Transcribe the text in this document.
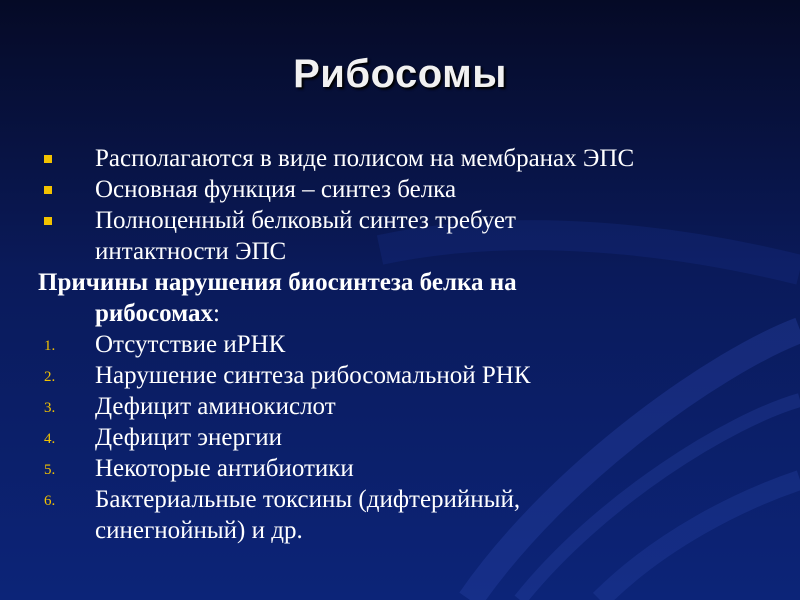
Рибосомы
Располагаются в виде полисом на мембранах ЭПС
Основная функция – синтез белка
Полноценный белковый синтез требует
интактности ЭПС
Причины нарушения биосинтеза белка на
рибосомах:
1. Отсутствие иРНК
2. Нарушение синтеза рибосомальной РНК
3. Дефицит аминокислот
4. Дефицит энергии
5. Некоторые антибиотики
6. Бактериальные токсины (дифтерийный,
синегнойный) и др.
